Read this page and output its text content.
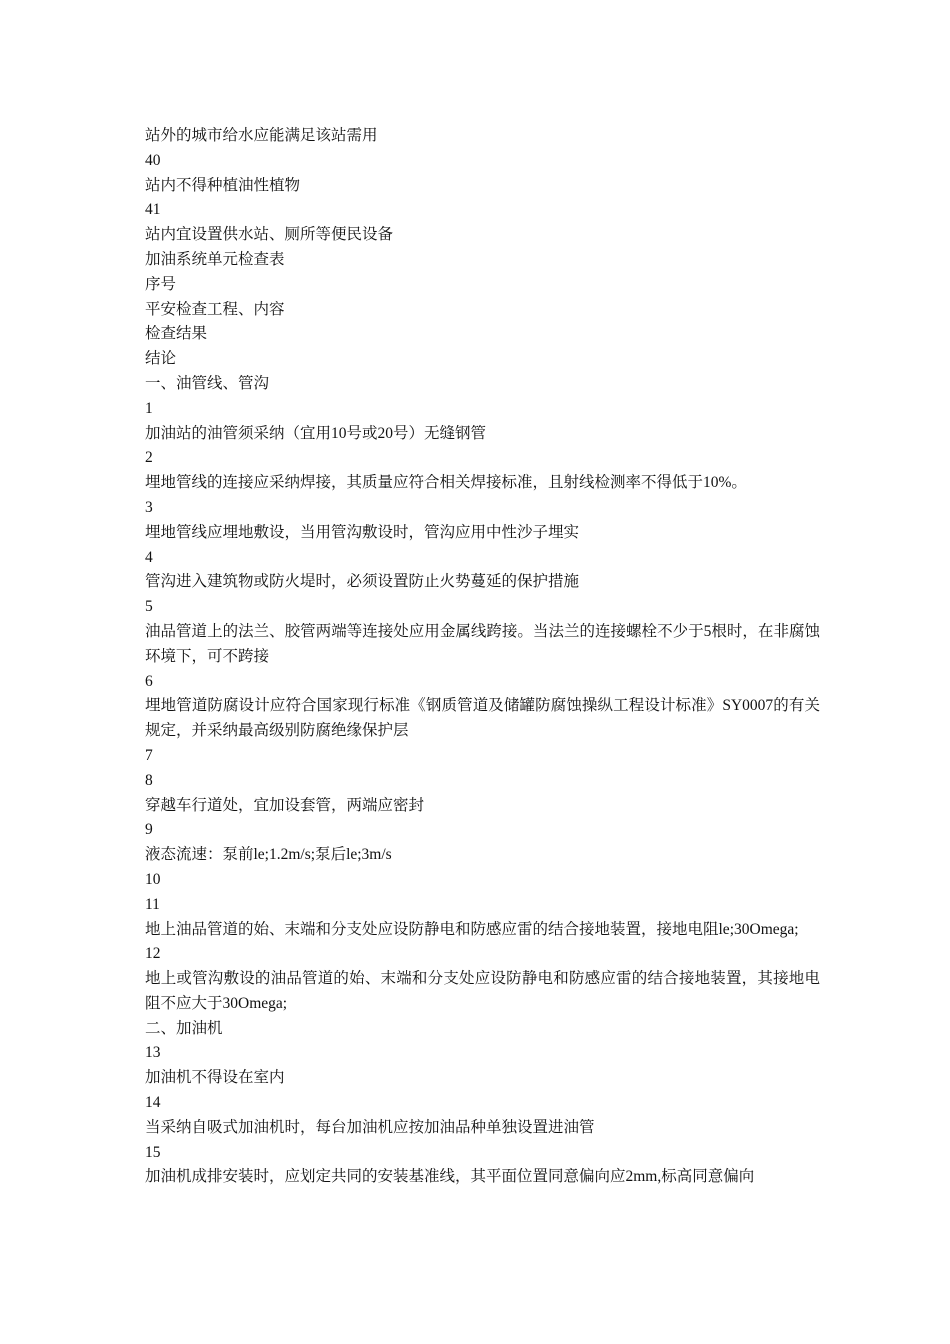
站外的城市给水应能满足该站需用
40
站内不得种植油性植物
41
站内宜设置供水站、厕所等便民设备
加油系统单元检查表
序号
平安检查工程、内容
检查结果
结论
一、油管线、管沟
1
加油站的油管须采纳（宜用10号或20号）无缝钢管
2
埋地管线的连接应采纳焊接，其质量应符合相关焊接标准，且射线检测率不得低于10%。
3
埋地管线应埋地敷设，当用管沟敷设时，管沟应用中性沙子埋实
4
管沟进入建筑物或防火堤时，必须设置防止火势蔓延的保护措施
5
油品管道上的法兰、胶管两端等连接处应用金属线跨接。当法兰的连接螺栓不少于5根时，在非腐蚀环境下，可不跨接
6
埋地管道防腐设计应符合国家现行标准《钢质管道及储罐防腐蚀操纵工程设计标准》SY0007的有关规定，并采纳最高级别防腐绝缘保护层
7
8
穿越车行道处，宜加设套管，两端应密封
9
液态流速：泵前le;1.2m/s;泵后le;3m/s
10
11
地上油品管道的始、末端和分支处应设防静电和防感应雷的结合接地装置，接地电阻le;30Omega;
12
地上或管沟敷设的油品管道的始、末端和分支处应设防静电和防感应雷的结合接地装置，其接地电阻不应大于30Omega;
二、加油机
13
加油机不得设在室内
14
当采纳自吸式加油机时，每台加油机应按加油品种单独设置进油管
15
加油机成排安装时，应划定共同的安装基准线，其平面位置同意偏向应2mm,标高同意偏向
